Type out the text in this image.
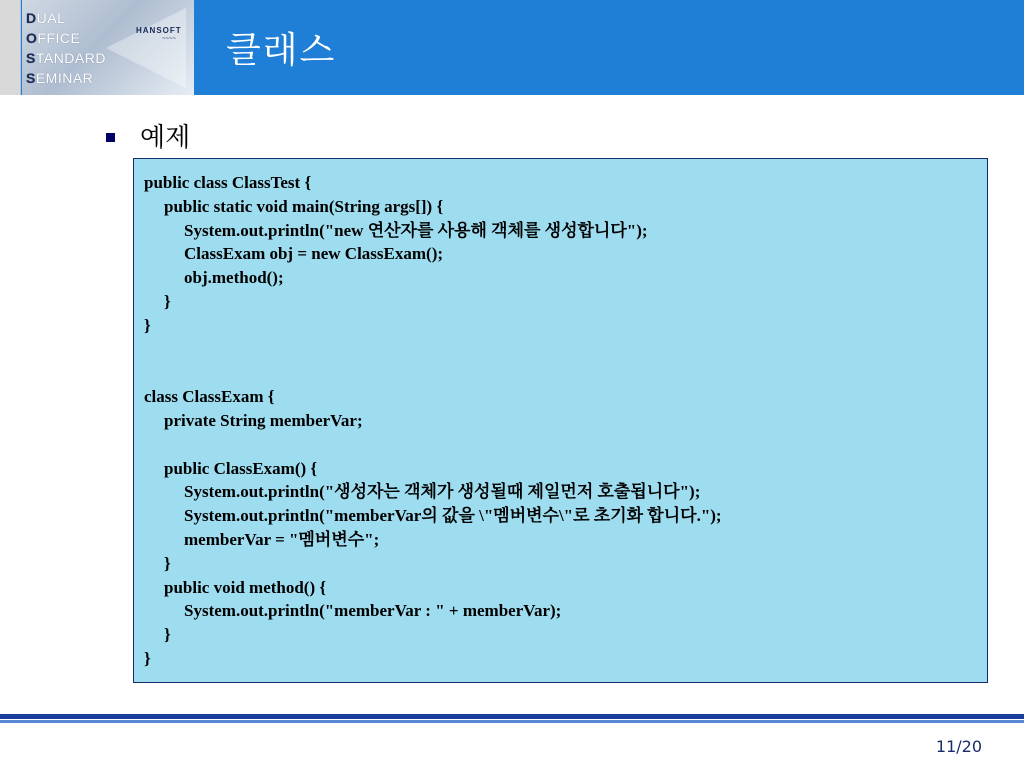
DUAL
OFFICE
STANDARD
SEMINAR
HANSOFT
~~~~ 클래스
예제
public class ClassTest {
public static void main(String args[]) {
System.out.println("new 연산자를 사용해 객체를 생성합니다");
ClassExam obj = new ClassExam();
obj.method();
}
}
class ClassExam {
private String memberVar;
public ClassExam() {
System.out.println("생성자는 객체가 생성될때 제일먼저 호출됩니다");
System.out.println("memberVar의 값을 \"멤버변수\"로 초기화 합니다.");
memberVar = "멤버변수";
}
public void method() {
System.out.println("memberVar : " + memberVar);
}
}
11/20
